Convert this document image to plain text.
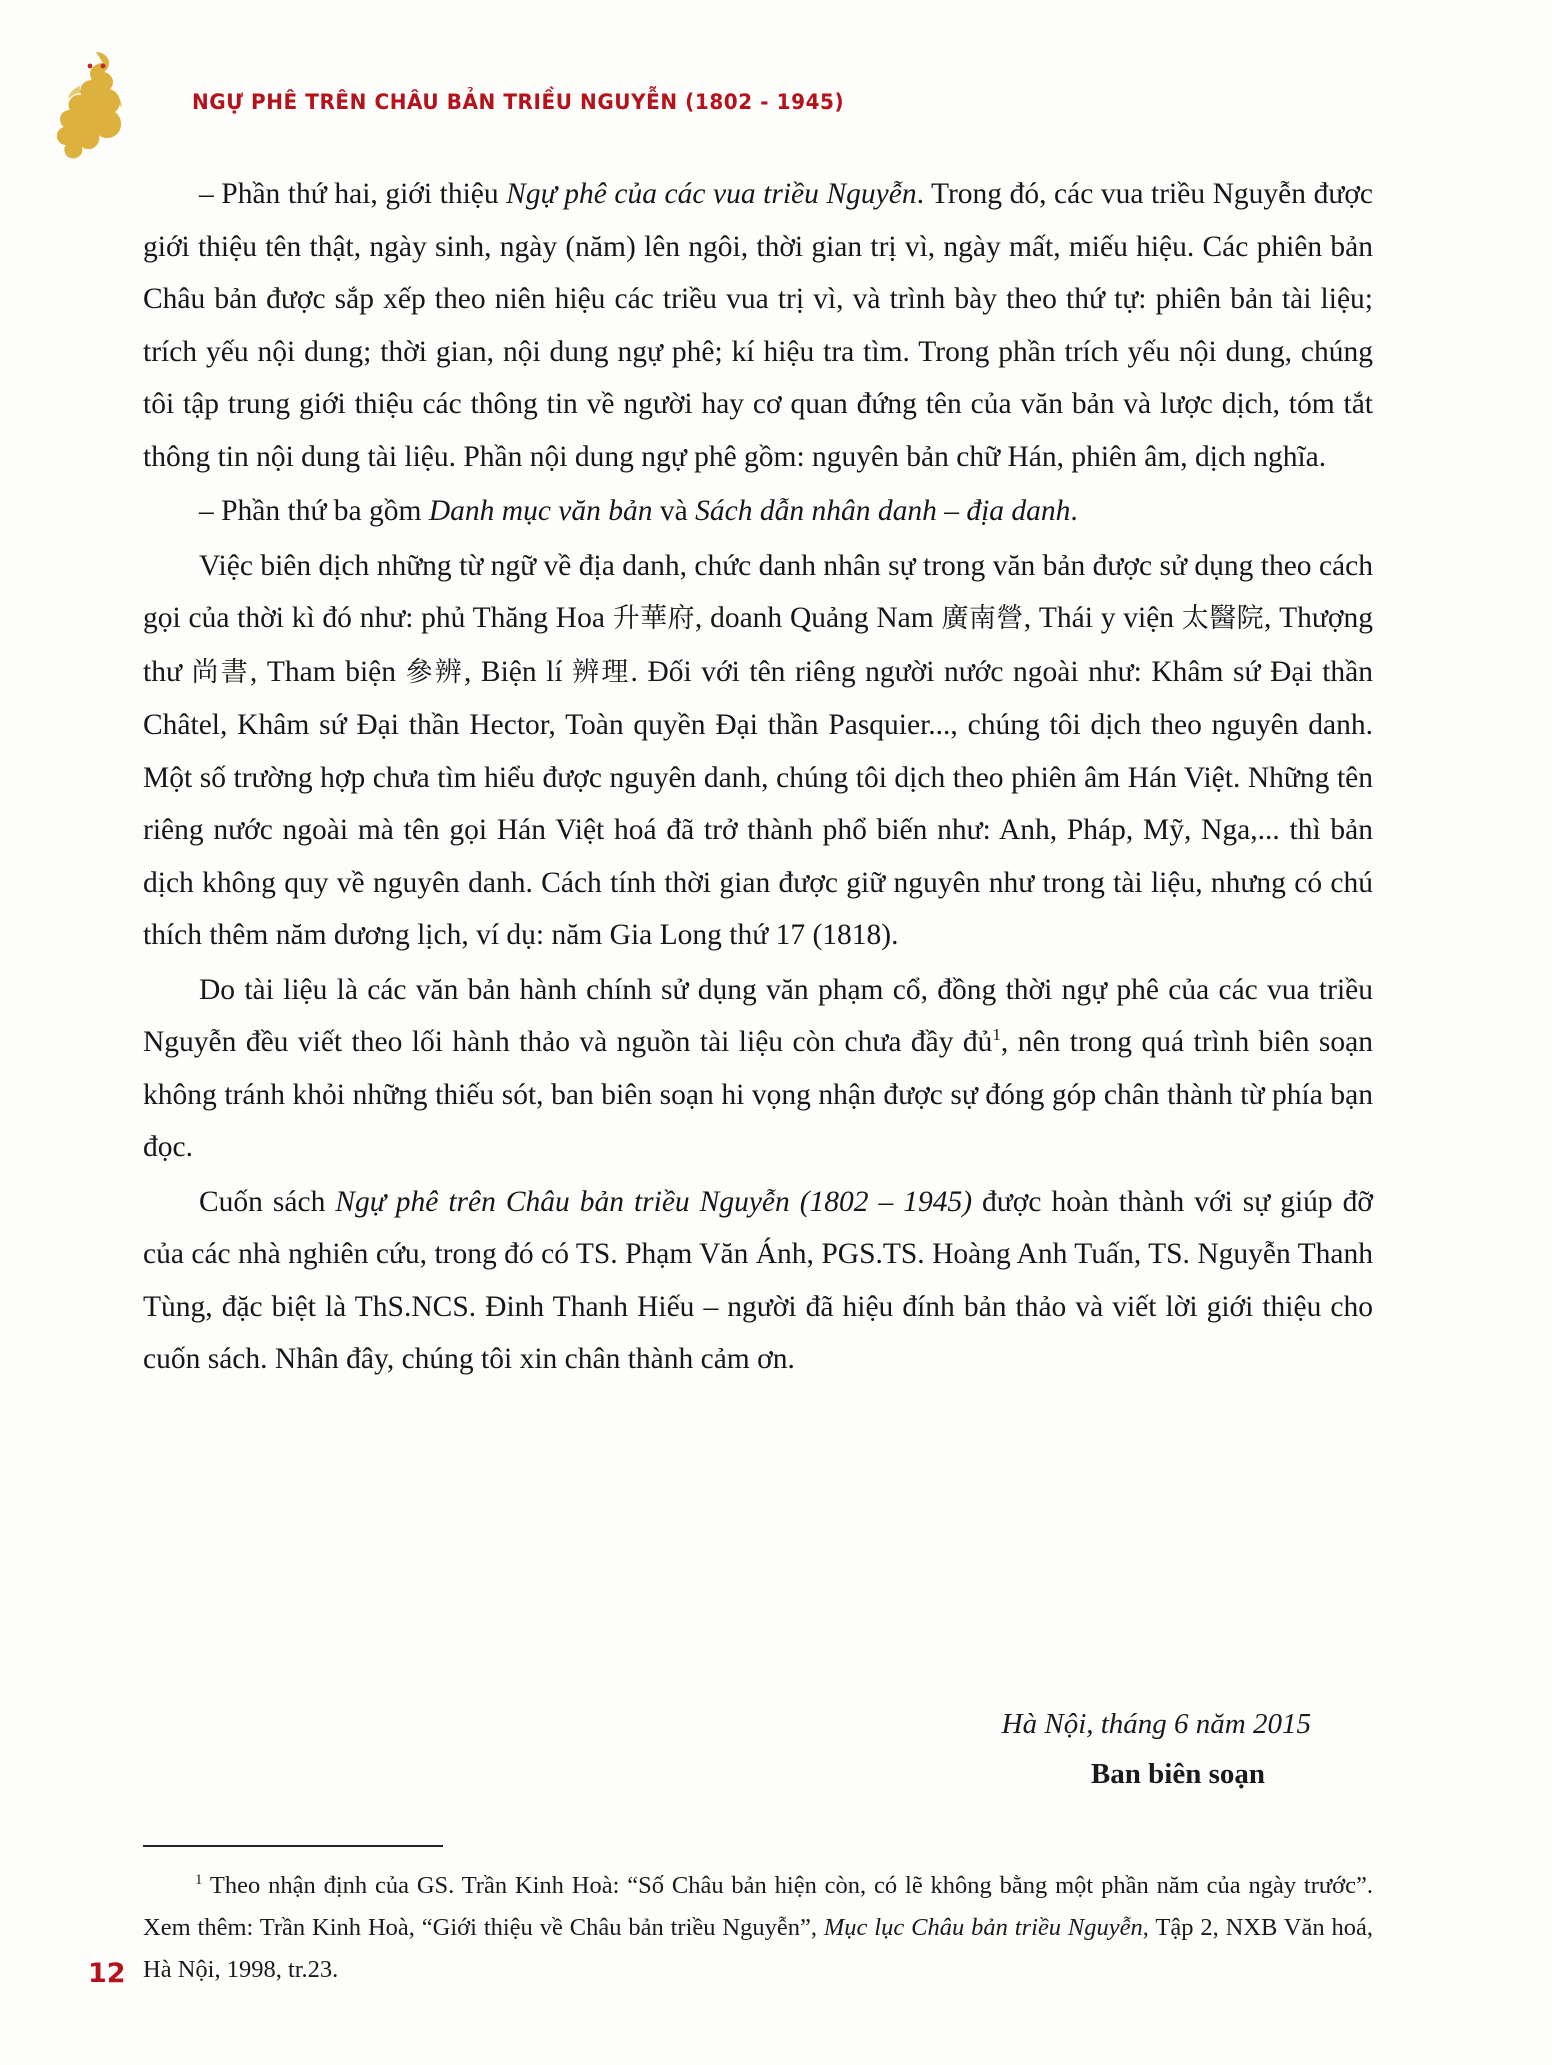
NGỰ PHÊ TRÊN CHÂU BẢN TRIỀU NGUYỄN (1802 - 1945)

– Phần thứ hai, giới thiệu Ngự phê của các vua triều Nguyễn. Trong đó, các vua triều Nguyễn được giới thiệu tên thật, ngày sinh, ngày (năm) lên ngôi, thời gian trị vì, ngày mất, miếu hiệu. Các phiên bản Châu bản được sắp xếp theo niên hiệu các triều vua trị vì, và trình bày theo thứ tự: phiên bản tài liệu; trích yếu nội dung; thời gian, nội dung ngự phê; kí hiệu tra tìm. Trong phần trích yếu nội dung, chúng tôi tập trung giới thiệu các thông tin về người hay cơ quan đứng tên của văn bản và lược dịch, tóm tắt thông tin nội dung tài liệu. Phần nội dung ngự phê gồm: nguyên bản chữ Hán, phiên âm, dịch nghĩa.

– Phần thứ ba gồm Danh mục văn bản và Sách dẫn nhân danh – địa danh.

Việc biên dịch những từ ngữ về địa danh, chức danh nhân sự trong văn bản được sử dụng theo cách gọi của thời kì đó như: phủ Thăng Hoa 升華府, doanh Quảng Nam 廣南營, Thái y viện 太醫院, Thượng thư 尚書, Tham biện 參辨, Biện lí 辨理. Đối với tên riêng người nước ngoài như: Khâm sứ Đại thần Châtel, Khâm sứ Đại thần Hector, Toàn quyền Đại thần Pasquier..., chúng tôi dịch theo nguyên danh. Một số trường hợp chưa tìm hiểu được nguyên danh, chúng tôi dịch theo phiên âm Hán Việt. Những tên riêng nước ngoài mà tên gọi Hán Việt hoá đã trở thành phổ biến như: Anh, Pháp, Mỹ, Nga,... thì bản dịch không quy về nguyên danh. Cách tính thời gian được giữ nguyên như trong tài liệu, nhưng có chú thích thêm năm dương lịch, ví dụ: năm Gia Long thứ 17 (1818).

Do tài liệu là các văn bản hành chính sử dụng văn phạm cổ, đồng thời ngự phê của các vua triều Nguyễn đều viết theo lối hành thảo và nguồn tài liệu còn chưa đầy đủ$^1$, nên trong quá trình biên soạn không tránh khỏi những thiếu sót, ban biên soạn hi vọng nhận được sự đóng góp chân thành từ phía bạn đọc.

Cuốn sách Ngự phê trên Châu bản triều Nguyễn (1802 – 1945) được hoàn thành với sự giúp đỡ của các nhà nghiên cứu, trong đó có TS. Phạm Văn Ánh, PGS.TS. Hoàng Anh Tuấn, TS. Nguyễn Thanh Tùng, đặc biệt là ThS.NCS. Đinh Thanh Hiếu – người đã hiệu đính bản thảo và viết lời giới thiệu cho cuốn sách. Nhân đây, chúng tôi xin chân thành cảm ơn.

Hà Nội, tháng 6 năm 2015
Ban biên soạn

$^1$ Theo nhận định của GS. Trần Kinh Hoà: “Số Châu bản hiện còn, có lẽ không bằng một phần năm của ngày trước”. Xem thêm: Trần Kinh Hoà, “Giới thiệu về Châu bản triều Nguyễn”, Mục lục Châu bản triều Nguyễn, Tập 2, NXB Văn hoá, Hà Nội, 1998, tr.23.

12
